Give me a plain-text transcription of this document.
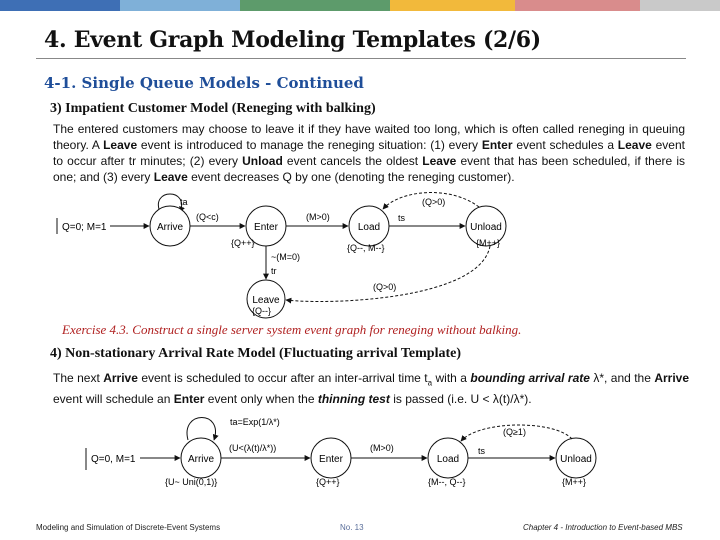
4. Event Graph Modeling Templates (2/6)
4-1. Single Queue Models - Continued
3) Impatient Customer Model (Reneging with balking)
The entered customers may choose to leave it if they have waited too long, which is often called reneging in queuing theory. A Leave event is introduced to manage the reneging situation: (1) every Enter event schedules a Leave event to occur after tr minutes; (2) every Unload event cancels the oldest Leave event that has been scheduled, if there is one; and (3) every Leave event decreases Q by one (denoting the reneging customer).
Q=0; M=1
ta
Arrive	Enter	Load	Unload
Leave
(Q<c)	(M>0)
{Q++}
ts
{Q--, M--}
(Q>0)
{M++}
~(M=0)
tr
(Q>0)
{Q--}
Exercise 4.3. Construct a single server system event graph for reneging without balking.
4) Non-stationary Arrival Rate Model (Fluctuating arrival Template)
The next Arrive event is scheduled to occur after an inter-arrival time $t_a$ with a bounding arrival rate λ*, and the Arrive event will schedule an Enter event only when the thinning test is passed (i.e. U < λ(t)/λ*).
Q=0, M=1
ta=Exp(1/λ*)
Arrive	Enter	Load	Unload
(U<(λ(t)/λ*))
{U~ Uni(0,1)}	{Q++}
(M>0)	ts
{M--, Q--}
(Q≥1)
{M++}
Modeling and Simulation of Discrete-Event Systems	No. 13	Chapter 4 - Introduction to Event-based MBS
